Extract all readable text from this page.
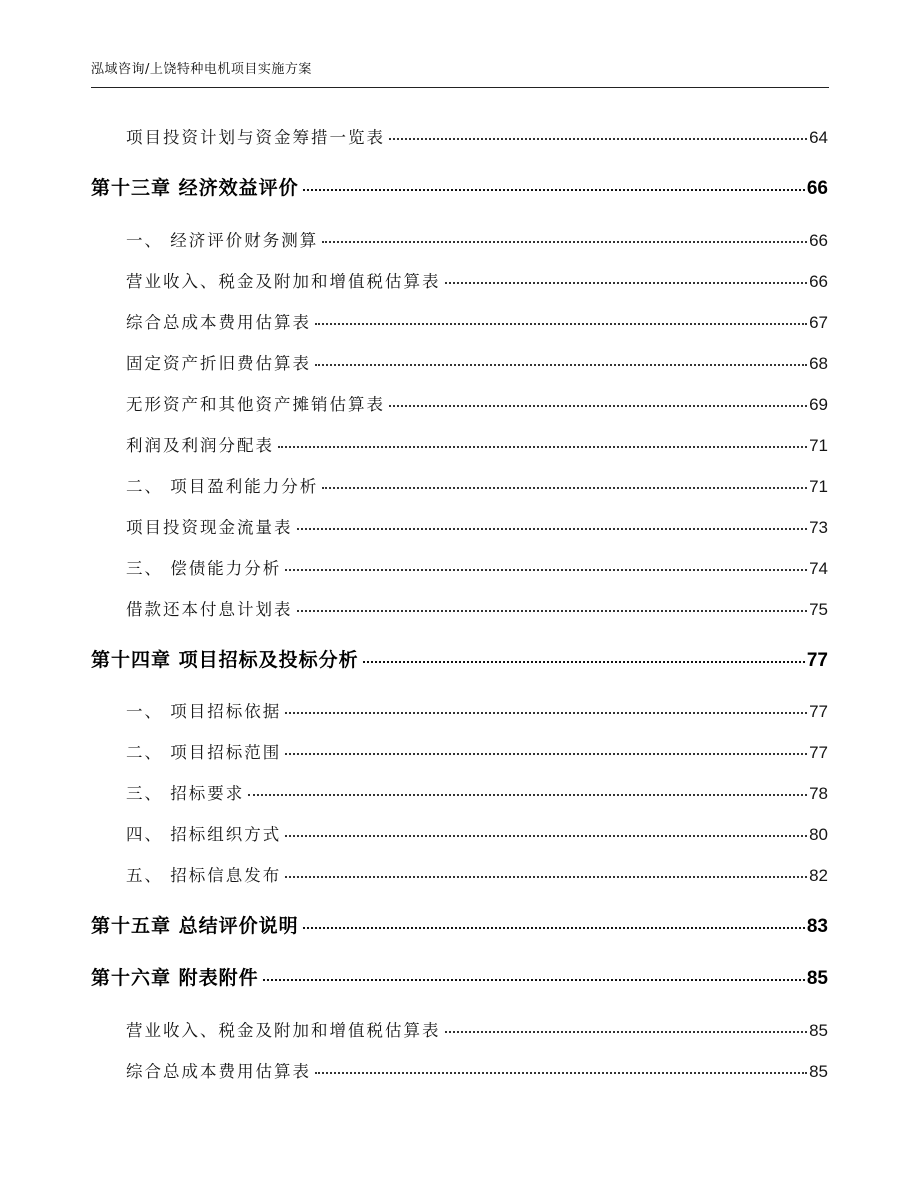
泓域咨询/上饶特种电机项目实施方案
项目投资计划与资金筹措一览表	64
第十三章 经济效益评价	66
一、 经济评价财务测算	66
营业收入、税金及附加和增值税估算表	66
综合总成本费用估算表	67
固定资产折旧费估算表	68
无形资产和其他资产摊销估算表	69
利润及利润分配表	71
二、 项目盈利能力分析	71
项目投资现金流量表	73
三、 偿债能力分析	74
借款还本付息计划表	75
第十四章 项目招标及投标分析	77
一、 项目招标依据	77
二、 项目招标范围	77
三、 招标要求	78
四、 招标组织方式	80
五、 招标信息发布	82
第十五章 总结评价说明	83
第十六章 附表附件	85
营业收入、税金及附加和增值税估算表	85
综合总成本费用估算表	85
